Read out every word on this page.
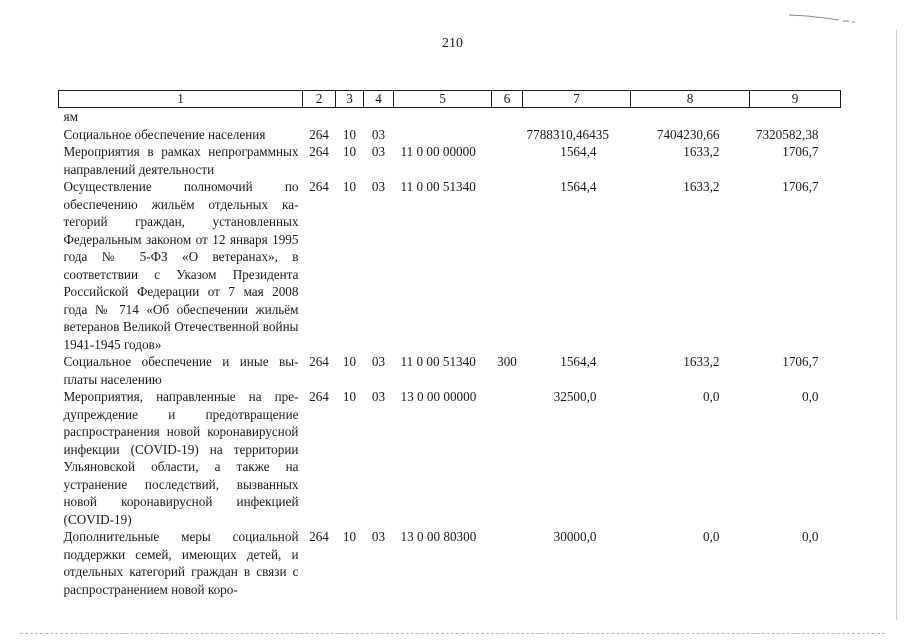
210
1	2	3	4	5	6	7	8	9
ям								
Социальное обеспечение населения	264	10	03			7788310,46435	7404230,66	7320582,38
Мероприятия в рамках непрограммных направлений деятельности	264	10	03	11 0 00 00000		1564,4	1633,2	1706,7
Осуществление полномочий по обеспечению жильём отдельных категорий граждан, установленных Федеральным законом от 12 января 1995 года № 5-ФЗ «О ветеранах», в соответствии с Указом Президента Российской Федерации от 7 мая 2008 года № 714 «Об обеспечении жильём ветеранов Великой Отечественной войны 1941-1945 годов»	264	10	03	11 0 00 51340		1564,4	1633,2	1706,7
Социальное обеспечение и иные выплаты населению	264	10	03	11 0 00 51340	300	1564,4	1633,2	1706,7
Мероприятия, направленные на предупреждение и предотвращение распространения новой коронавирусной инфекции (COVID-19) на территории Ульяновской области, а также на устранение последствий, вызванных новой коронавирусной инфекцией (COVID-19)	264	10	03	13 0 00 00000		32500,0	0,0	0,0
Дополнительные меры социальной поддержки семей, имеющих детей, и отдельных категорий граждан в связи с распространением новой коро-	264	10	03	13 0 00 80300		30000,0	0,0	0,0
